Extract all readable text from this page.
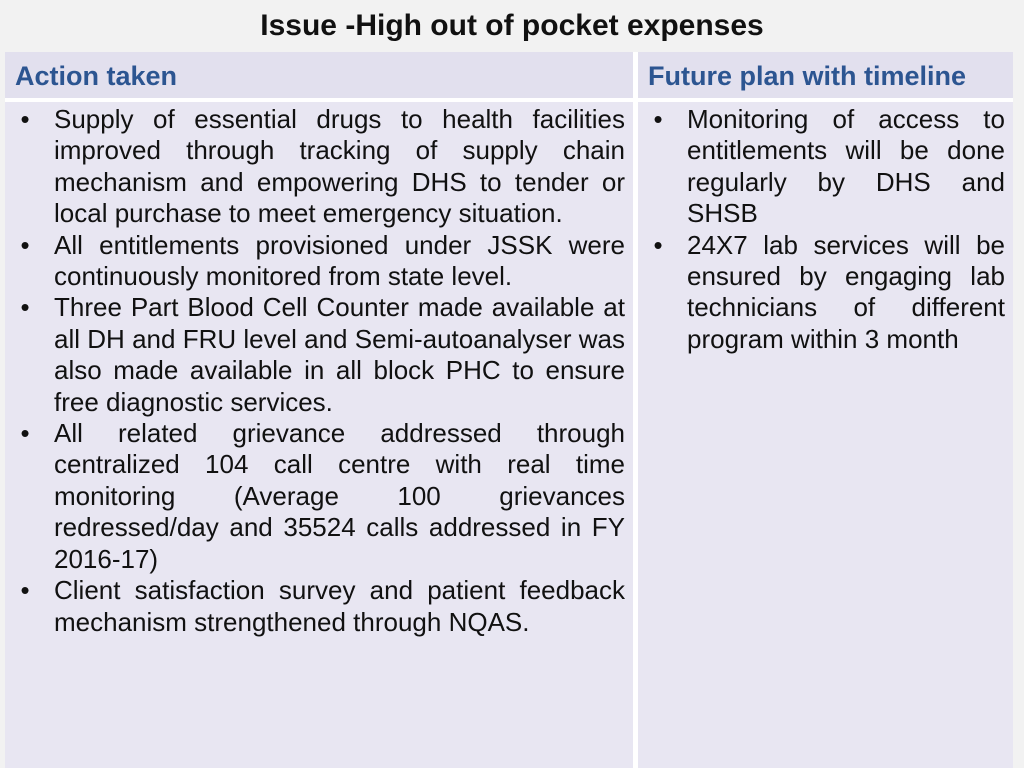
Issue -High out of pocket expenses
Action taken	Future plan with timeline
• Supply of essential drugs to health facilities improved through tracking of supply chain mechanism and empowering DHS to tender or local purchase to meet emergency situation.
• All entitlements provisioned under JSSK were continuously monitored from state level.
• Three Part Blood Cell Counter made available at all DH and FRU level and Semi-autoanalyser was also made available in all block PHC to ensure free diagnostic services.
• All related grievance addressed through centralized 104 call centre with real time monitoring (Average 100 grievances redressed/day and 35524 calls addressed in FY 2016-17)
• Client satisfaction survey and patient feedback mechanism strengthened through NQAS.
• Monitoring of access to entitlements will be done regularly by DHS and SHSB
• 24X7 lab services will be ensured by engaging lab technicians of different program within 3 month
